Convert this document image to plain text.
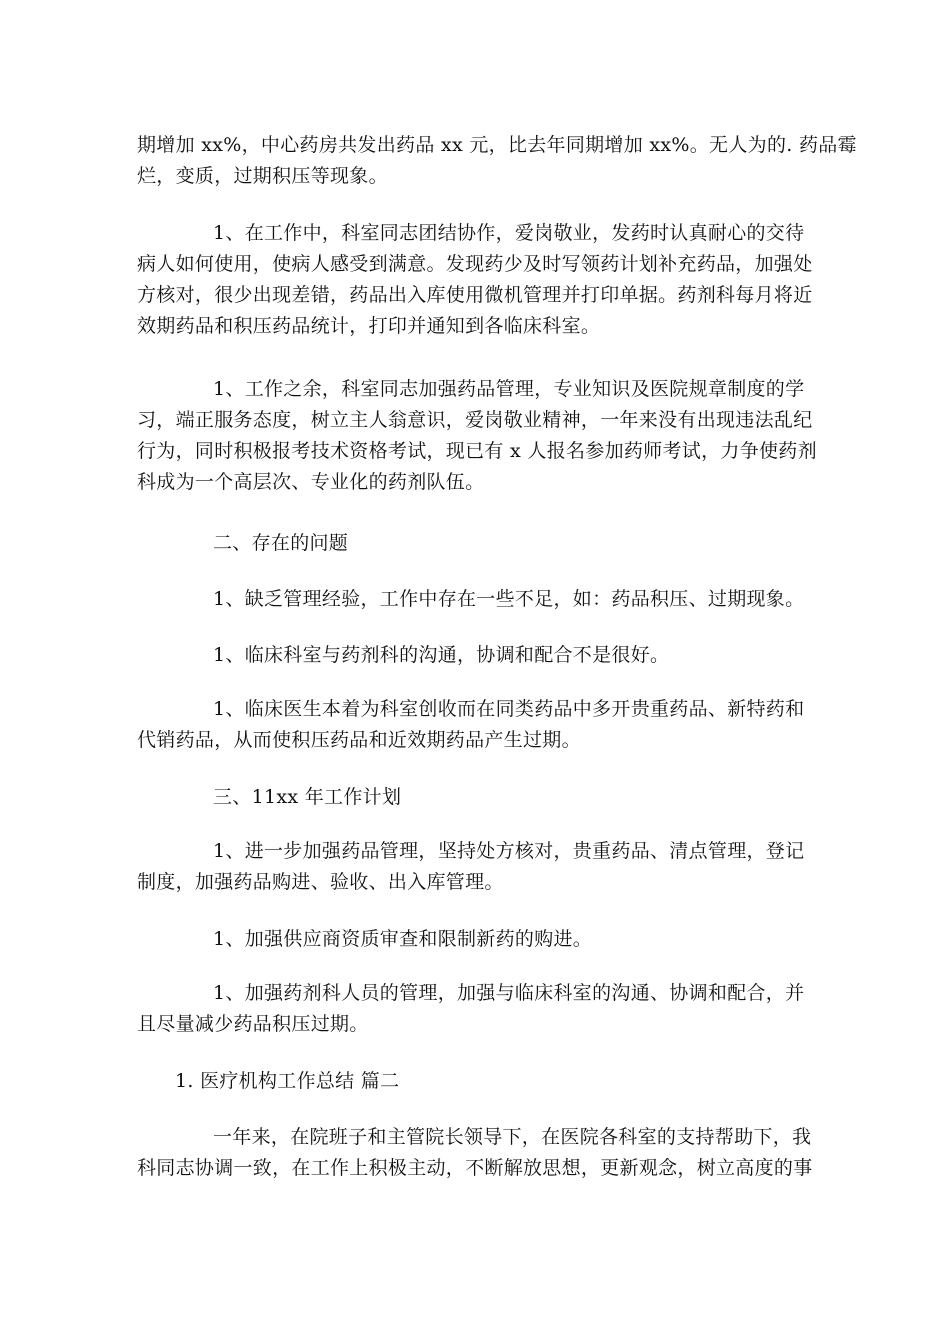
期增加 xx%，中心药房共发出药品 xx 元，比去年同期增加 xx%。无人为的. 药品霉
烂，变质，过期积压等现象。

1、在工作中，科室同志团结协作，爱岗敬业，发药时认真耐心的交待
病人如何使用，使病人感受到满意。发现药少及时写领药计划补充药品，加强处
方核对，很少出现差错，药品出入库使用微机管理并打印单据。药剂科每月将近
效期药品和积压药品统计，打印并通知到各临床科室。

1、工作之余，科室同志加强药品管理，专业知识及医院规章制度的学
习，端正服务态度，树立主人翁意识，爱岗敬业精神，一年来没有出现违法乱纪
行为，同时积极报考技术资格考试，现已有 x 人报名参加药师考试，力争使药剂
科成为一个高层次、专业化的药剂队伍。

二、存在的问题

1、缺乏管理经验，工作中存在一些不足，如：药品积压、过期现象。

1、临床科室与药剂科的沟通，协调和配合不是很好。

1、临床医生本着为科室创收而在同类药品中多开贵重药品、新特药和
代销药品，从而使积压药品和近效期药品产生过期。

三、11xx 年工作计划

1、进一步加强药品管理，坚持处方核对，贵重药品、清点管理，登记
制度，加强药品购进、验收、出入库管理。

1、加强供应商资质审查和限制新药的购进。

1、加强药剂科人员的管理，加强与临床科室的沟通、协调和配合，并
且尽量减少药品积压过期。

1. 医疗机构工作总结 篇二

一年来，在院班子和主管院长领导下，在医院各科室的支持帮助下，我
科同志协调一致，在工作上积极主动，不断解放思想，更新观念，树立高度的事
